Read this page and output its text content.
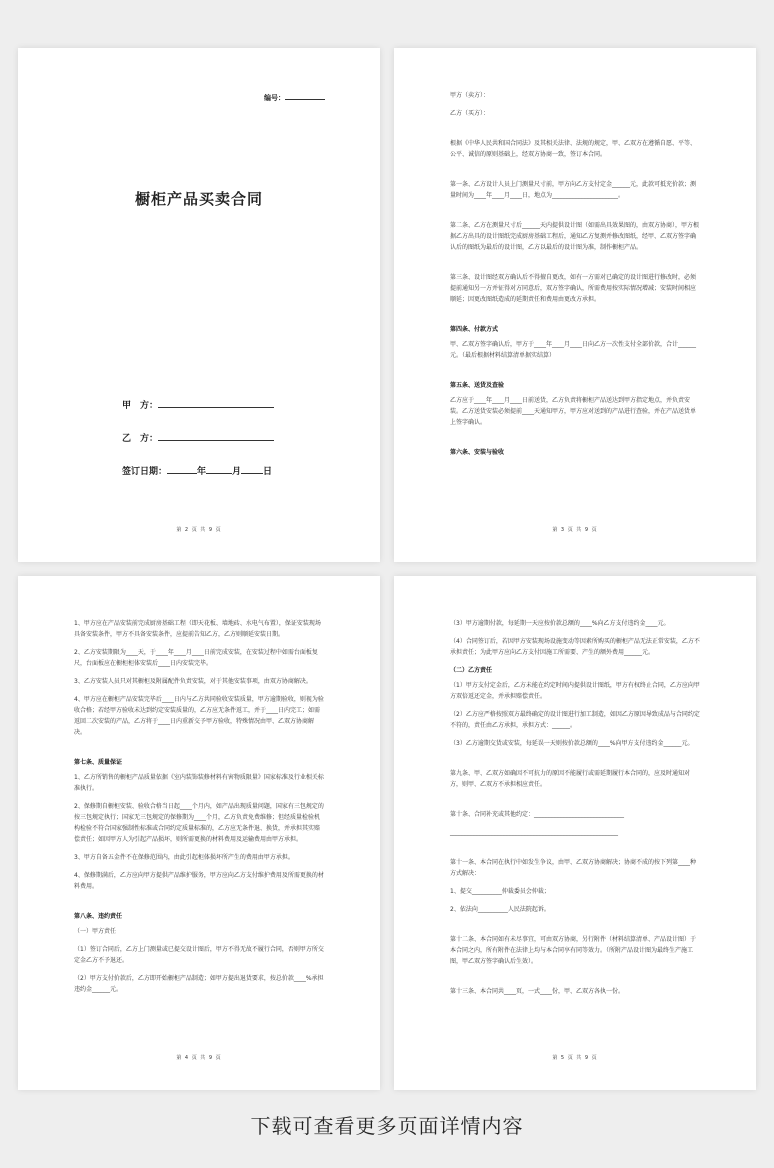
编号：
橱柜产品买卖合同
甲　方：
乙　方：
签订日期：	年	月 日
第 2 页 共 9 页

甲方（卖方）：

乙方（买方）：

根据《中华人民共和国合同法》及其相关法律、法规的规定，甲、乙双方在遵循自愿、平等、公平、诚信的原则基础上，经双方协商一致，签订本合同。

第一条、乙方设计人员上门测量尺寸前，甲方向乙方支付定金______元，此款可抵充价款；测量时间为____年____月____日，地点为______________________。

第二条、乙方在测量尺寸后______天内提供设计图（如需出具效果图的，由双方协商），甲方根据乙方出具的设计图纸完成厨房基础工程后，通知乙方复测并修改图纸，经甲、乙双方签字确认后的图纸为最后的设计图，乙方以最后的设计图为准，制作橱柜产品。

第三条、设计图经双方确认后不得擅自更改，如有一方需对已确定的设计图进行修改时，必须提前通知另一方并征得对方同意后，双方签字确认，所需费用按实际情况增减；安装时间相应顺延；因更改图纸造成的延期责任和费用由更改方承担。

第四条、付款方式

甲、乙双方签字确认后，甲方于____年____月____日向乙方一次性支付全部价款，合计______元。（最后根据材料结算清单据实结算）

第五条、送货及查验

乙方应于____年____月____日前送货，乙方负责将橱柜产品送达到甲方指定地点，并负责安装。乙方送货安装必须提前____天通知甲方，甲方应对送到的产品进行查验，并在产品送货单上签字确认。

第六条、安装与验收

第 3 页 共 9 页

1、甲方应在产品安装前完成厨房基础工程（即天花板、墙地砖、水电气布置），保证安装现场具备安装条件，甲方不具备安装条件，应提前告知乙方，乙方则顺延安装日期。

2、乙方安装期限为____天，于____年____月____日前完成安装，在安装过程中如需台面板复尺，台面板应在橱柜柜体安装后____日内安装完毕。

3、乙方安装人员只对其橱柜及附属配件负责安装，对于其他安装事项，由双方协商解决。

4、甲方应在橱柜产品安装完毕后____日内与乙方共同验收安装质量，甲方逾期验收，则视为验收合格；若经甲方验收未达到约定安装质量的，乙方应无条件返工，并于____日内完工；如需返回二次安装的产品，乙方将于____日内重新交予甲方验收，特殊情况由甲、乙双方协商解决。

第七条、质量保证

1、乙方所销售的橱柜产品质量依据《室内装饰装修材料有害物质限量》国家标准及行业相关标准执行。

2、保修期自橱柜安装、验收合格当日起____个月内，如产品出现质量问题，国家有三包规定的按三包规定执行；国家无三包规定的保修期为____个月，乙方负责免费维修；但经质量检验机构检验不符合国家强制性标准或合同约定质量标准的，乙方应无条件退、换货，并承担其实赔偿责任；如因甲方人为引起产品损坏，则所需更换的材料费用及运输费用由甲方承担。

3、甲方自备五金件不在保修范围内，由此引起柜体损坏所产生的费用由甲方承担。

4、保修期满后，乙方应向甲方提供产品维护服务，甲方应向乙方支付维护费用及所需更换的材料费用。

第八条、违约责任

（一）甲方责任

（1）签订合同后，乙方上门测量或已提交设计图后，甲方不得无故不履行合同，否则甲方所交定金乙方不予退还。

（2）甲方支付价款后，乙方即开始橱柜产品制造；如甲方提出退货要求，按总价款____%承担违约金______元。

第 4 页 共 9 页

（3）甲方逾期付款，每延期一天应按价款总额的____%向乙方支付违约金____元。

（4）合同签订后，若因甲方安装现场设施变动等因素所购买的橱柜产品无法正常安装，乙方不承担责任；为此甲方应向乙方支付因施工所需要、产生的额外费用______元。

（二）乙方责任

（1）甲方支付定金后，乙方未能在约定时间内提供设计图纸，甲方有权终止合同，乙方应向甲方双倍返还定金，并承担赔偿责任。

（2）乙方应严格按照双方最终确定的设计图进行加工制造，如因乙方原因导致成品与合同约定不符的，责任由乙方承担，承担方式：______。

（3）乙方逾期交货或安装，每延误一天则按价款总额的____%向甲方支付违约金______元。

第九条、甲、乙双方如确因不可抗力的原因不能履行或需延期履行本合同的，应及时通知对方，则甲、乙双方不承担相应责任。

第十条、合同补充或其他约定：______________________________

________________________________________________________

第十一条、本合同在执行中如发生争议，由甲、乙双方协商解决；协商不成的按下列第____种方式解决：

1、提交__________仲裁委员会仲裁；

2、依法向__________人民法院起诉。

第十二条、本合同如有未尽事宜，可由双方协商，另行附件（材料结算清单、产品设计图）于本合同之内，所有附件在法律上均与本合同享有同等效力。（所附产品设计图为最终生产施工图，甲乙双方签字确认后生效）。

第十三条、本合同共____页，一式____份，甲、乙双方各执一份。

第 5 页 共 9 页
下载可查看更多页面详情内容
